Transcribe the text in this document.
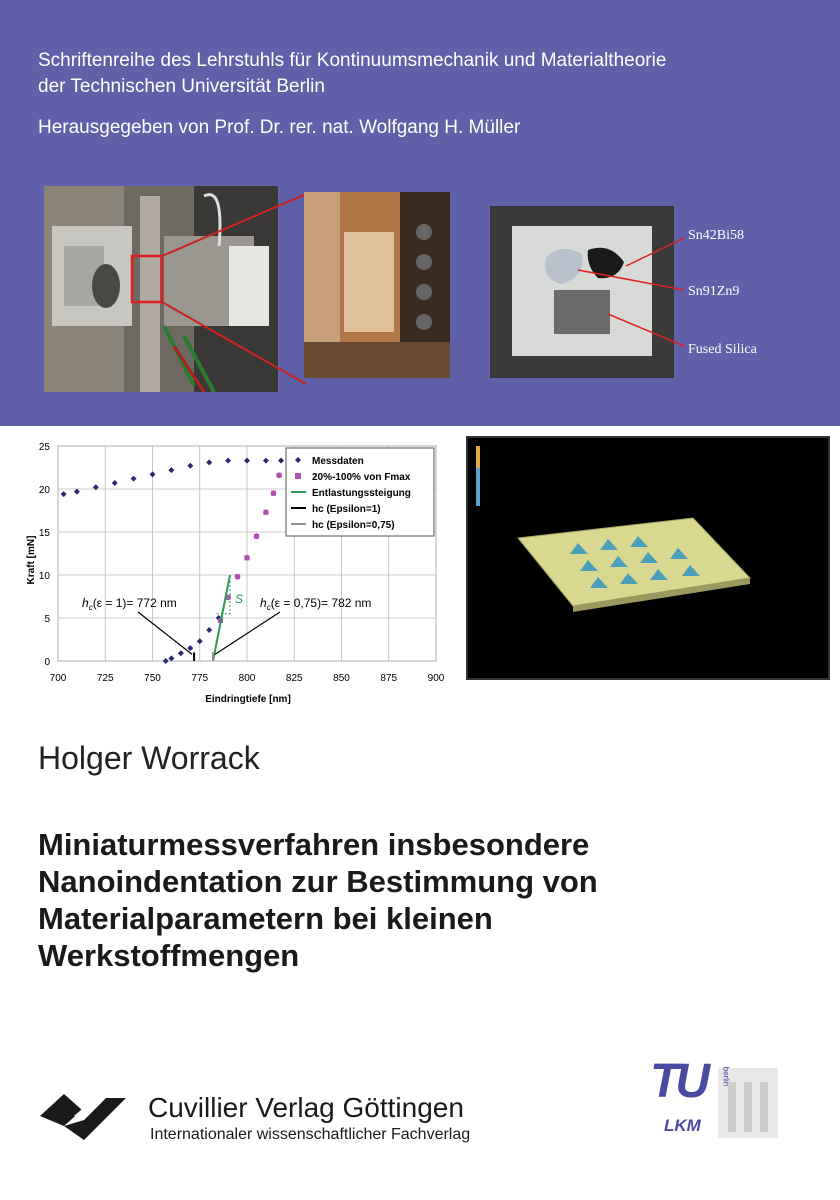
Schriftenreihe des Lehrstuhls für Kontinuumsmechanik und Materialtheorie
der Technischen Universität Berlin
Herausgegeben von Prof. Dr. rer. nat. Wolfgang H. Müller
Sn42Bi58
Sn91Zn9
Fused Silica
0
5
10
15
20
25
700	725	750	775	800	825	850	875	900
Kraft [mN]
Eindringtiefe [nm]
Messdaten
20%-100% von Fmax
Entlastungssteigung
hc (Epsilon=1)
hc (Epsilon=0,75)
$h_c(\varepsilon = 1)= 772$ nm	$h_c(\varepsilon = 0,75)= 782$ nm
S
Holger Worrack
Miniaturmessverfahren insbesondere
Nanoindentation zur Bestimmung von
Materialparametern bei kleinen
Werkstoffmengen
Cuvillier Verlag Göttingen
Internationaler wissenschaftlicher Fachverlag
TU berlin
LKM
